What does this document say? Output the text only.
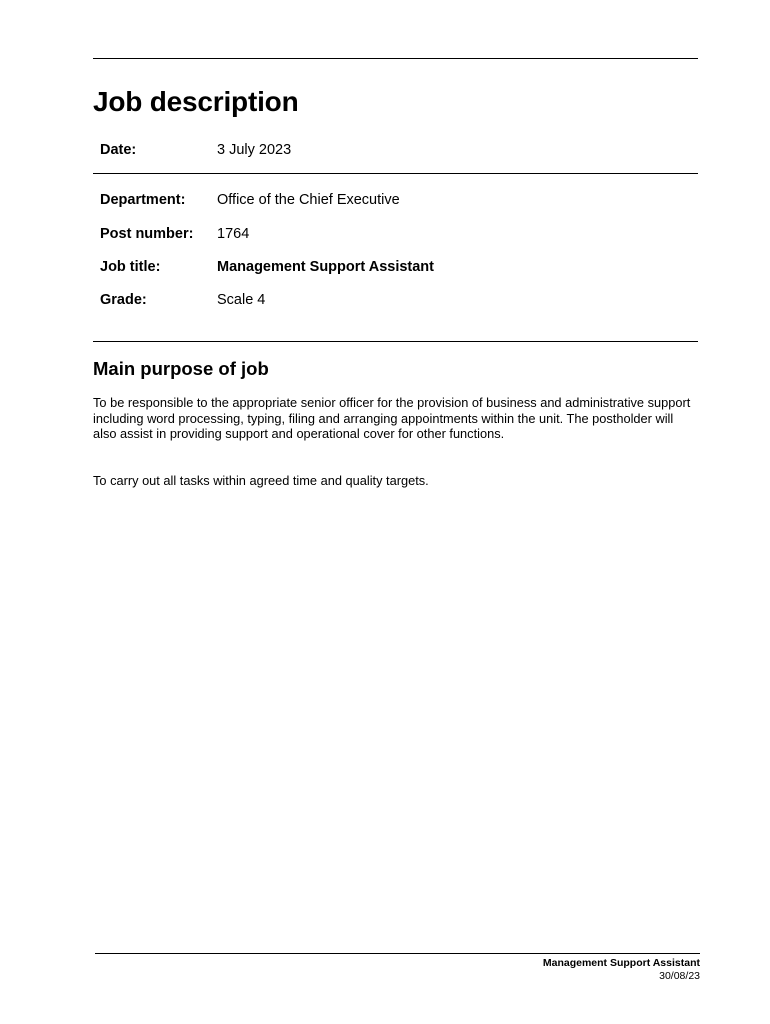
Job description
Date:	3 July 2023
Department: Office of the Chief Executive
Post number: 1764
Job title:	Management Support Assistant
Grade:	Scale 4
Main purpose of job

To be responsible to the appropriate senior officer for the provision of business and administrative support including word processing, typing, filing and arranging appointments within the unit. The postholder will also assist in providing support and operational cover for other functions.

To carry out all tasks within agreed time and quality targets.

Management Support Assistant
30/08/23
